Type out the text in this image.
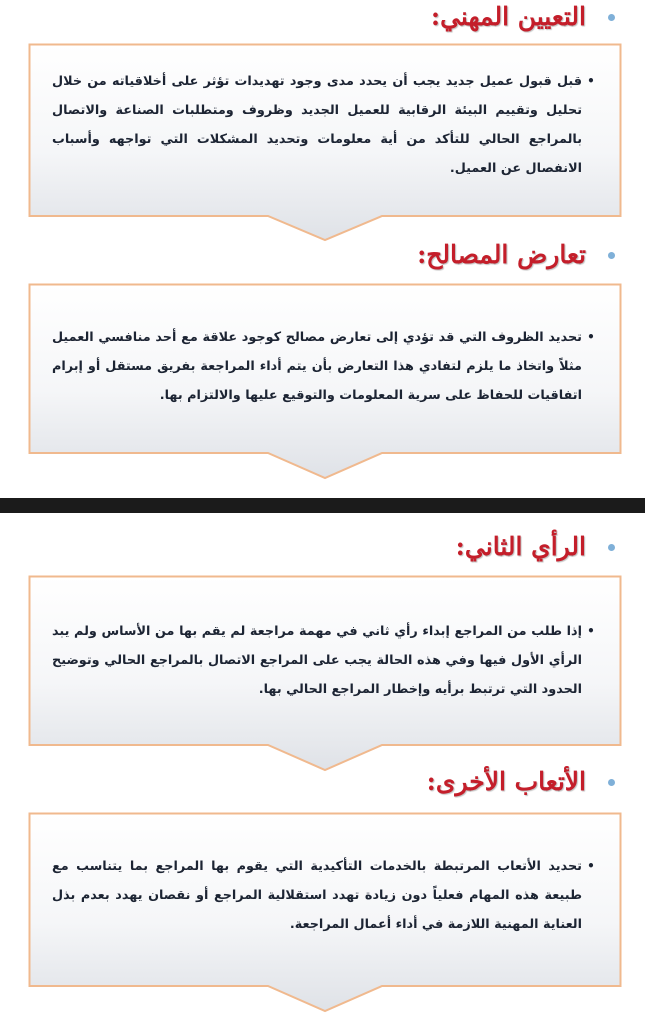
التعيين المهني:
•
قبل قبول عميل جديد يجب أن يحدد مدى وجود تهديدات تؤثر على أخلاقياته من خلال تحليل وتقييم البيئة الرقابية للعميل الجديد وظروف ومتطلبات الصناعة والاتصال بالمراجع الحالي للتأكد من أية معلومات وتحديد المشكلات التي تواجهه وأسباب الانفصال عن العميل.
تعارض المصالح:
•
تحديد الظروف التي قد تؤدي إلى تعارض مصالح كوجود علاقة مع أحد منافسي العميل مثلاً واتخاذ ما يلزم لتفادي هذا التعارض بأن يتم أداء المراجعة بفريق مستقل أو إبرام اتفاقيات للحفاظ على سرية المعلومات والتوقيع عليها والالتزام بها.
الرأي الثاني:
•
إذا طلب من المراجع إبداء رأي ثاني في مهمة مراجعة لم يقم بها من الأساس ولم يبد الرأي الأول فيها وفي هذه الحالة يجب على المراجع الاتصال بالمراجع الحالي وتوضيح الحدود التي ترتبط برأيه وإخطار المراجع الحالي بها.
الأتعاب الأخرى:
•
تحديد الأتعاب المرتبطة بالخدمات التأكيدية التي يقوم بها المراجع بما يتناسب مع طبيعة هذه المهام فعلياً دون زيادة تهدد استقلالية المراجع أو نقصان يهدد بعدم بذل العناية المهنية اللازمة في أداء أعمال المراجعة.
